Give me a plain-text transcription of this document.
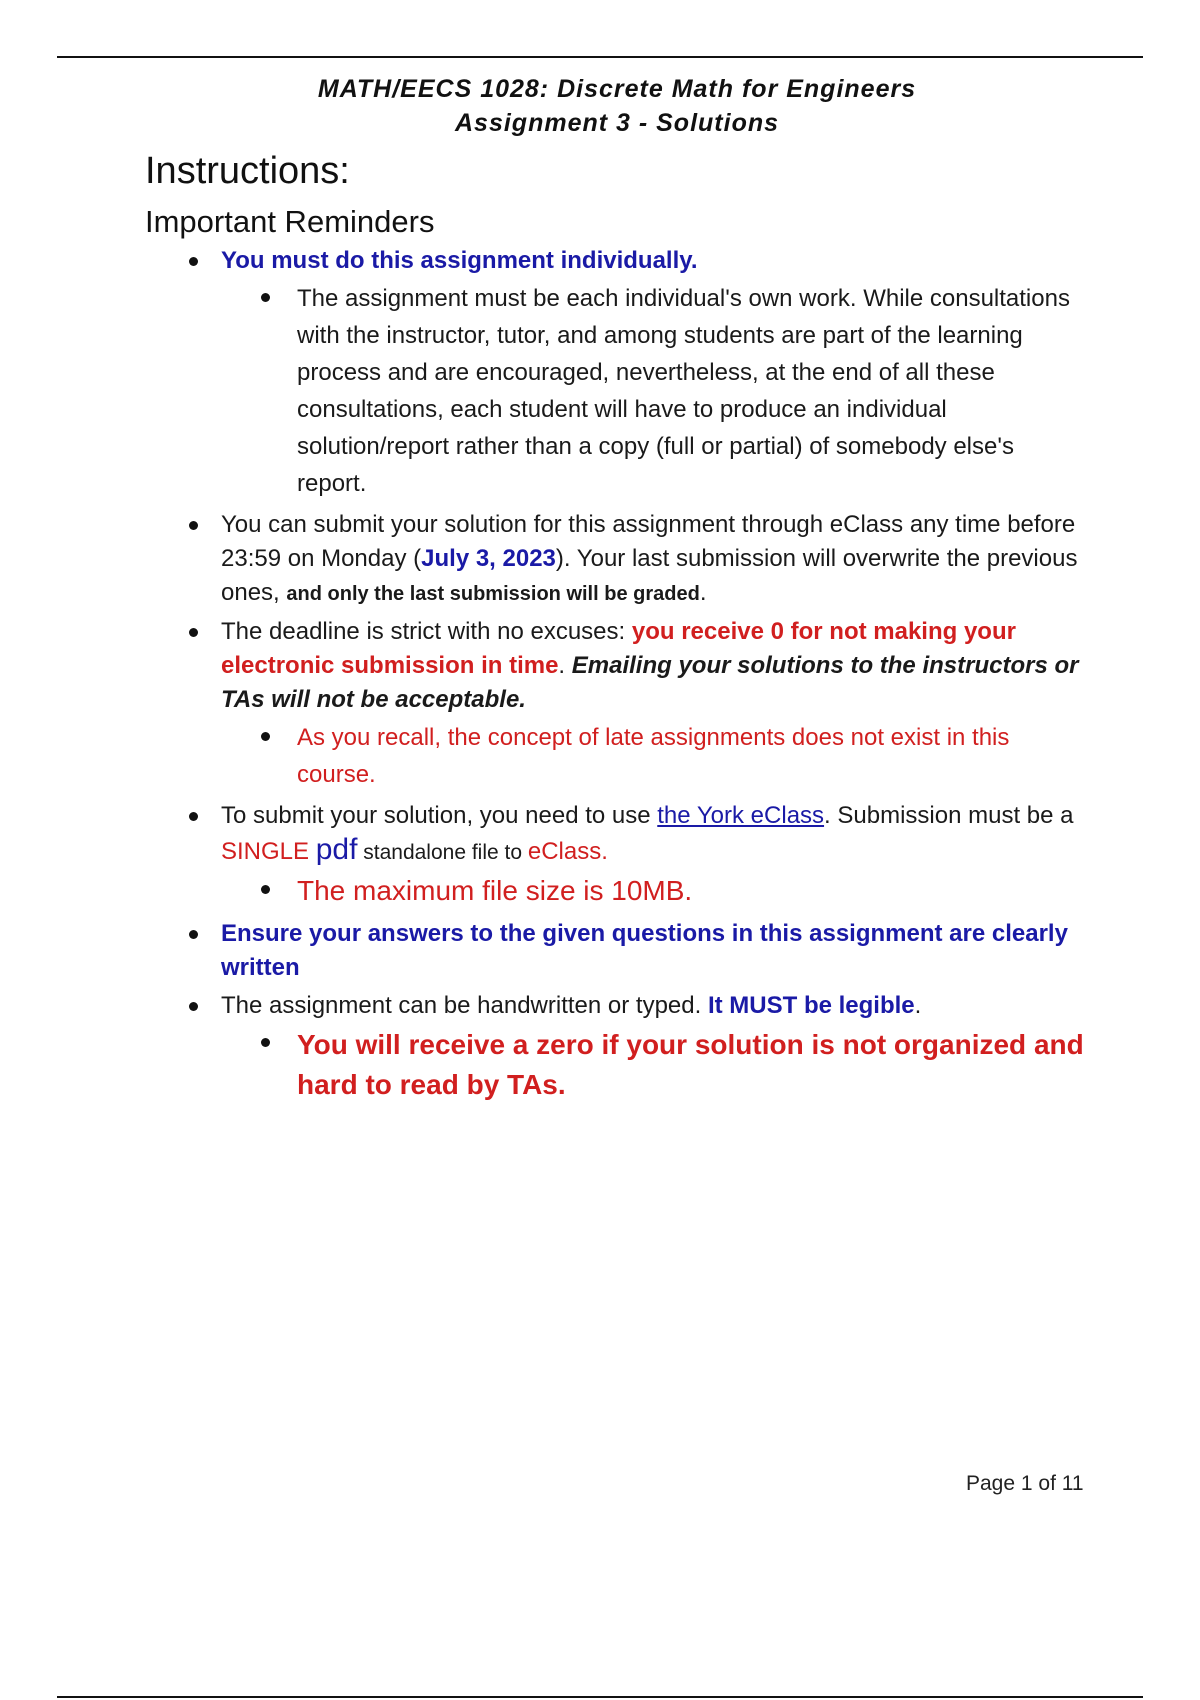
MATH/EECS 1028: Discrete Math for Engineers
Assignment 3 - Solutions
Instructions:
Important Reminders
You must do this assignment individually.
The assignment must be each individual's own work. While consultations with the instructor, tutor, and among students are part of the learning process and are encouraged, nevertheless, at the end of all these consultations, each student will have to produce an individual solution/report rather than a copy (full or partial) of somebody else's report.
You can submit your solution for this assignment through eClass any time before 23:59 on Monday (July 3, 2023). Your last submission will overwrite the previous ones, and only the last submission will be graded.
The deadline is strict with no excuses: you receive 0 for not making your electronic submission in time. Emailing your solutions to the instructors or TAs will not be acceptable.
As you recall, the concept of late assignments does not exist in this course.
To submit your solution, you need to use the York eClass. Submission must be a SINGLE pdf standalone file to eClass.
The maximum file size is 10MB.
Ensure your answers to the given questions in this assignment are clearly written
The assignment can be handwritten or typed. It MUST be legible.
You will receive a zero if your solution is not organized and hard to read by TAs.
Page 1 of 11
